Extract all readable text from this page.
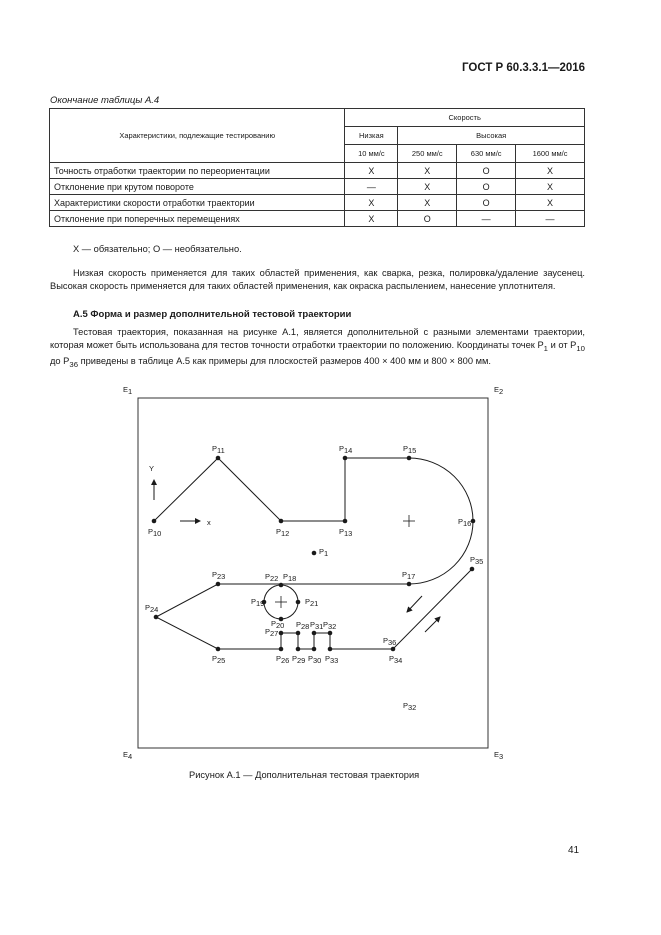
ГОСТ Р 60.3.3.1—2016
Окончание таблицы А.4
Характеристики, подлежащие тестированию	Скорость			
	Низкая	Высокая		
	10 мм/с	250 мм/с	630 мм/с	1600 мм/с
Точность отработки траектории по переориентации	X	X	O	X
Отклонение при крутом повороте	—	X	O	X
Характеристики скорости отработки траектории	X	X	O	X
Отклонение при поперечных перемещениях	X	O	—	—
X — обязательно; O — необязательно.
Низкая скорость применяется для таких областей применения, как сварка, резка, полировка/удаление заусенец. Высокая скорость применяется для таких областей применения, как окраска распылением, нанесение уплотнителя.
А.5 Форма и размер дополнительной тестовой траектории
Тестовая траектория, показанная на рисунке А.1, является дополнительной с разными элементами траектории, которая может быть использована для тестов точности отработки траектории по положению. Координаты точек $P_1$ и от $P_{10}$ до $P_{36}$ приведены в таблице А.5 как примеры для плоскостей размеров 400 × 400 мм и 800 × 800 мм.
E1	E2
E3
E4
Y
x
P10
P11
P12	P13
P14	P15
P16
P1
P17
P35
P22 P18
P23
P24
P19	P21
P20
P25
P27
P28 P31 P32
P36
P26 P29 P30 P33	P34
P32
Рисунок А.1 — Дополнительная тестовая траектория
41
